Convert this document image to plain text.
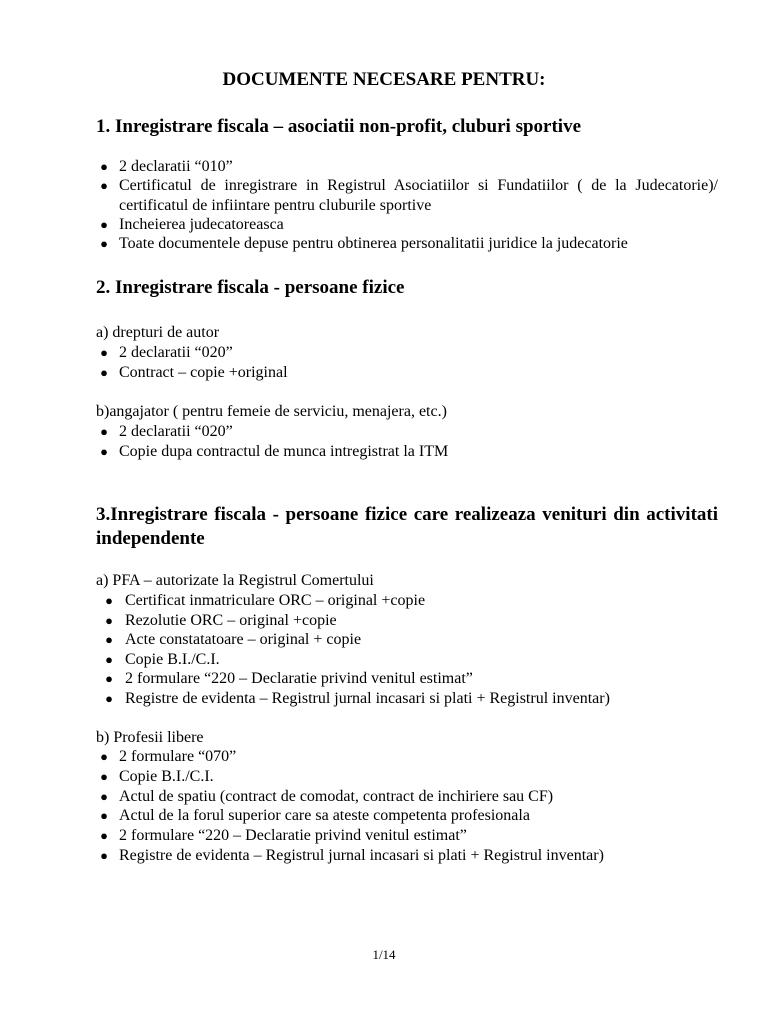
DOCUMENTE NECESARE PENTRU:
1. Inregistrare fiscala – asociatii non-profit, cluburi sportive
● 2 declaratii “010”
● Certificatul de inregistrare in Registrul Asociatiilor si Fundatiilor ( de la Judecatorie)/ certificatul de infiintare pentru cluburile sportive
● Incheierea judecatoreasca
● Toate documentele depuse pentru obtinerea personalitatii juridice la judecatorie
2. Inregistrare fiscala - persoane fizice
a) drepturi de autor
● 2 declaratii “020”
● Contract – copie +original
b)angajator ( pentru femeie de serviciu, menajera, etc.)
● 2 declaratii “020”
● Copie dupa contractul de munca intregistrat la ITM
3.Inregistrare fiscala - persoane fizice care realizeaza venituri din activitati independente
a) PFA – autorizate la Registrul Comertului
● Certificat inmatriculare ORC – original +copie
● Rezolutie ORC – original +copie
● Acte constatatoare – original + copie
● Copie B.I./C.I.
● 2 formulare “220 – Declaratie privind venitul estimat”
● Registre de evidenta – Registrul jurnal incasari si plati + Registrul inventar)
b) Profesii libere
● 2 formulare “070”
● Copie B.I./C.I.
● Actul de spatiu (contract de comodat, contract de inchiriere sau CF)
● Actul de la forul superior care sa ateste competenta profesionala
● 2 formulare “220 – Declaratie privind venitul estimat”
● Registre de evidenta – Registrul jurnal incasari si plati + Registrul inventar)
1/14
